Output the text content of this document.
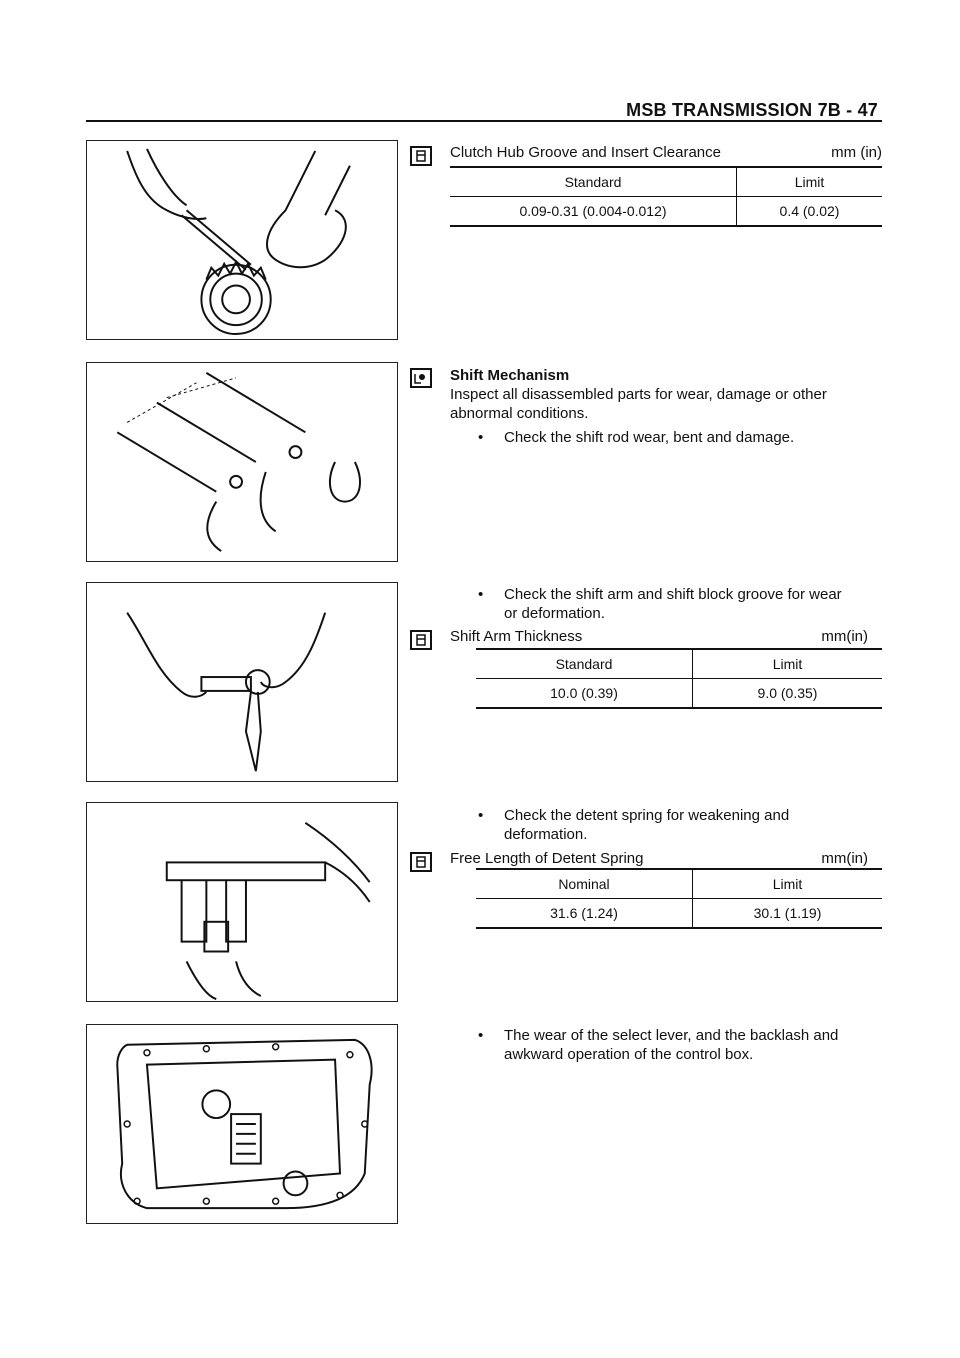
MSB TRANSMISSION 7B - 47
Clutch Hub Groove and Insert Clearance	mm (in)
Standard	Limit
0.09-0.31 (0.004-0.012)	0.4 (0.02)
Shift Mechanism
Inspect all disassembled parts for wear, damage or other
abnormal conditions.
• Check the shift rod wear, bent and damage.
• Check the shift arm and shift block groove for wear
or deformation.
Shift Arm Thickness	mm(in)
Standard	Limit
10.0 (0.39)	9.0 (0.35)
• Check the detent spring for weakening and
deformation.
Free Length of Detent Spring	mm(in)
Nominal	Limit
31.6 (1.24)	30.1 (1.19)
• The wear of the select lever, and the backlash and
awkward operation of the control box.
